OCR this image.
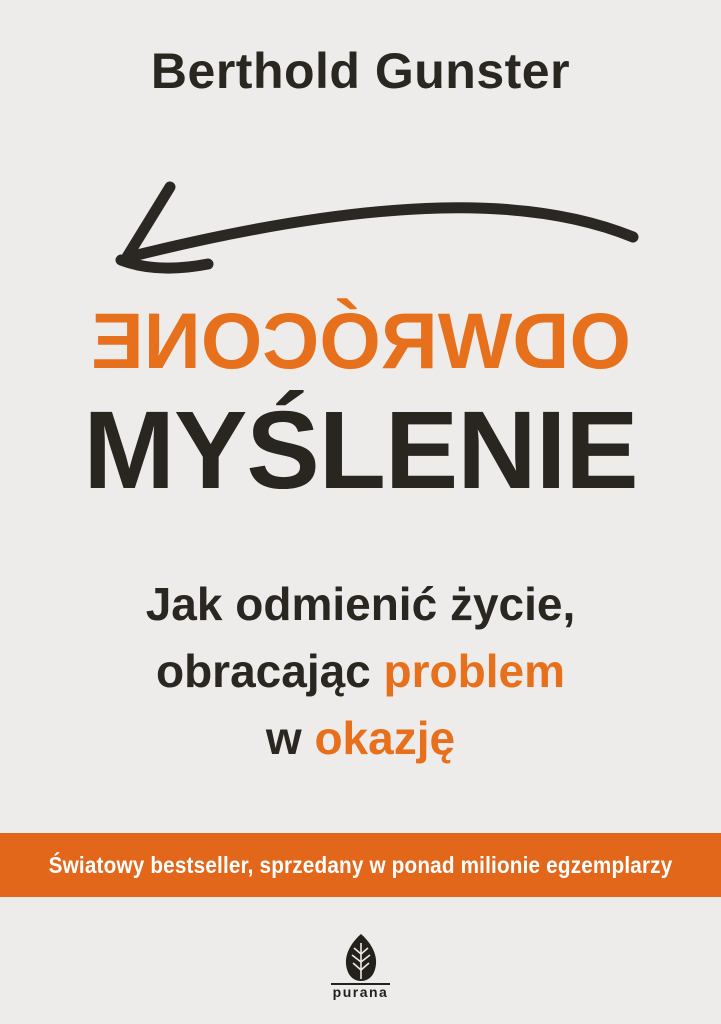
Berthold Gunster
ODWRÓCONE
MYŚLENIE
Jak odmienić życie,
obracając problem
w okazję
Światowy bestseller, sprzedany w ponad milionie egzemplarzy
purana
